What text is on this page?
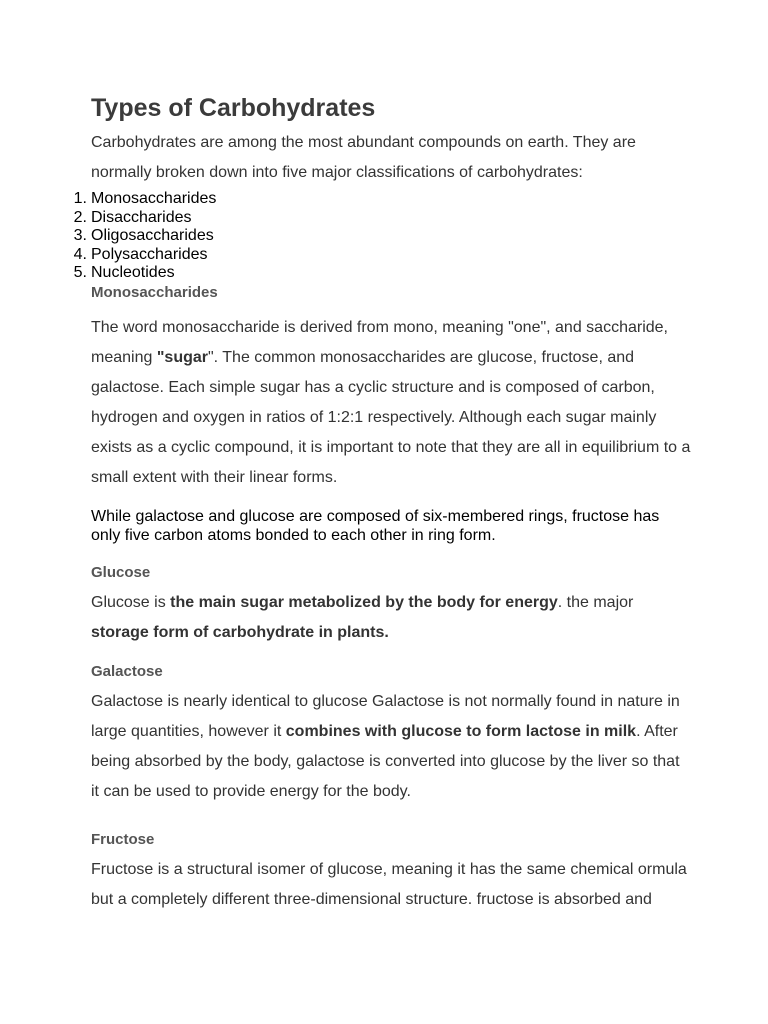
Types of Carbohydrates

Carbohydrates are among the most abundant compounds on earth. They are normally broken down into five major classifications of carbohydrates:

1. Monosaccharides
2. Disaccharides
3. Oligosaccharides
4. Polysaccharides
5. Nucleotides
Monosaccharides

The word monosaccharide is derived from mono, meaning "one", and saccharide, meaning "sugar". The common monosaccharides are glucose, fructose, and galactose. Each simple sugar has a cyclic structure and is composed of carbon, hydrogen and oxygen in ratios of 1:2:1 respectively. Although each sugar mainly exists as a cyclic compound, it is important to note that they are all in equilibrium to a small extent with their linear forms.

While galactose and glucose are composed of six-membered rings, fructose has only five carbon atoms bonded to each other in ring form.

Glucose

Glucose is the main sugar metabolized by the body for energy. the major storage form of carbohydrate in plants.

Galactose

Galactose is nearly identical to glucose Galactose is not normally found in nature in large quantities, however it combines with glucose to form lactose in milk. After being absorbed by the body, galactose is converted into glucose by the liver so that it can be used to provide energy for the body.

Fructose

Fructose is a structural isomer of glucose, meaning it has the same chemical ormula but a completely different three-dimensional structure. fructose is absorbed and
